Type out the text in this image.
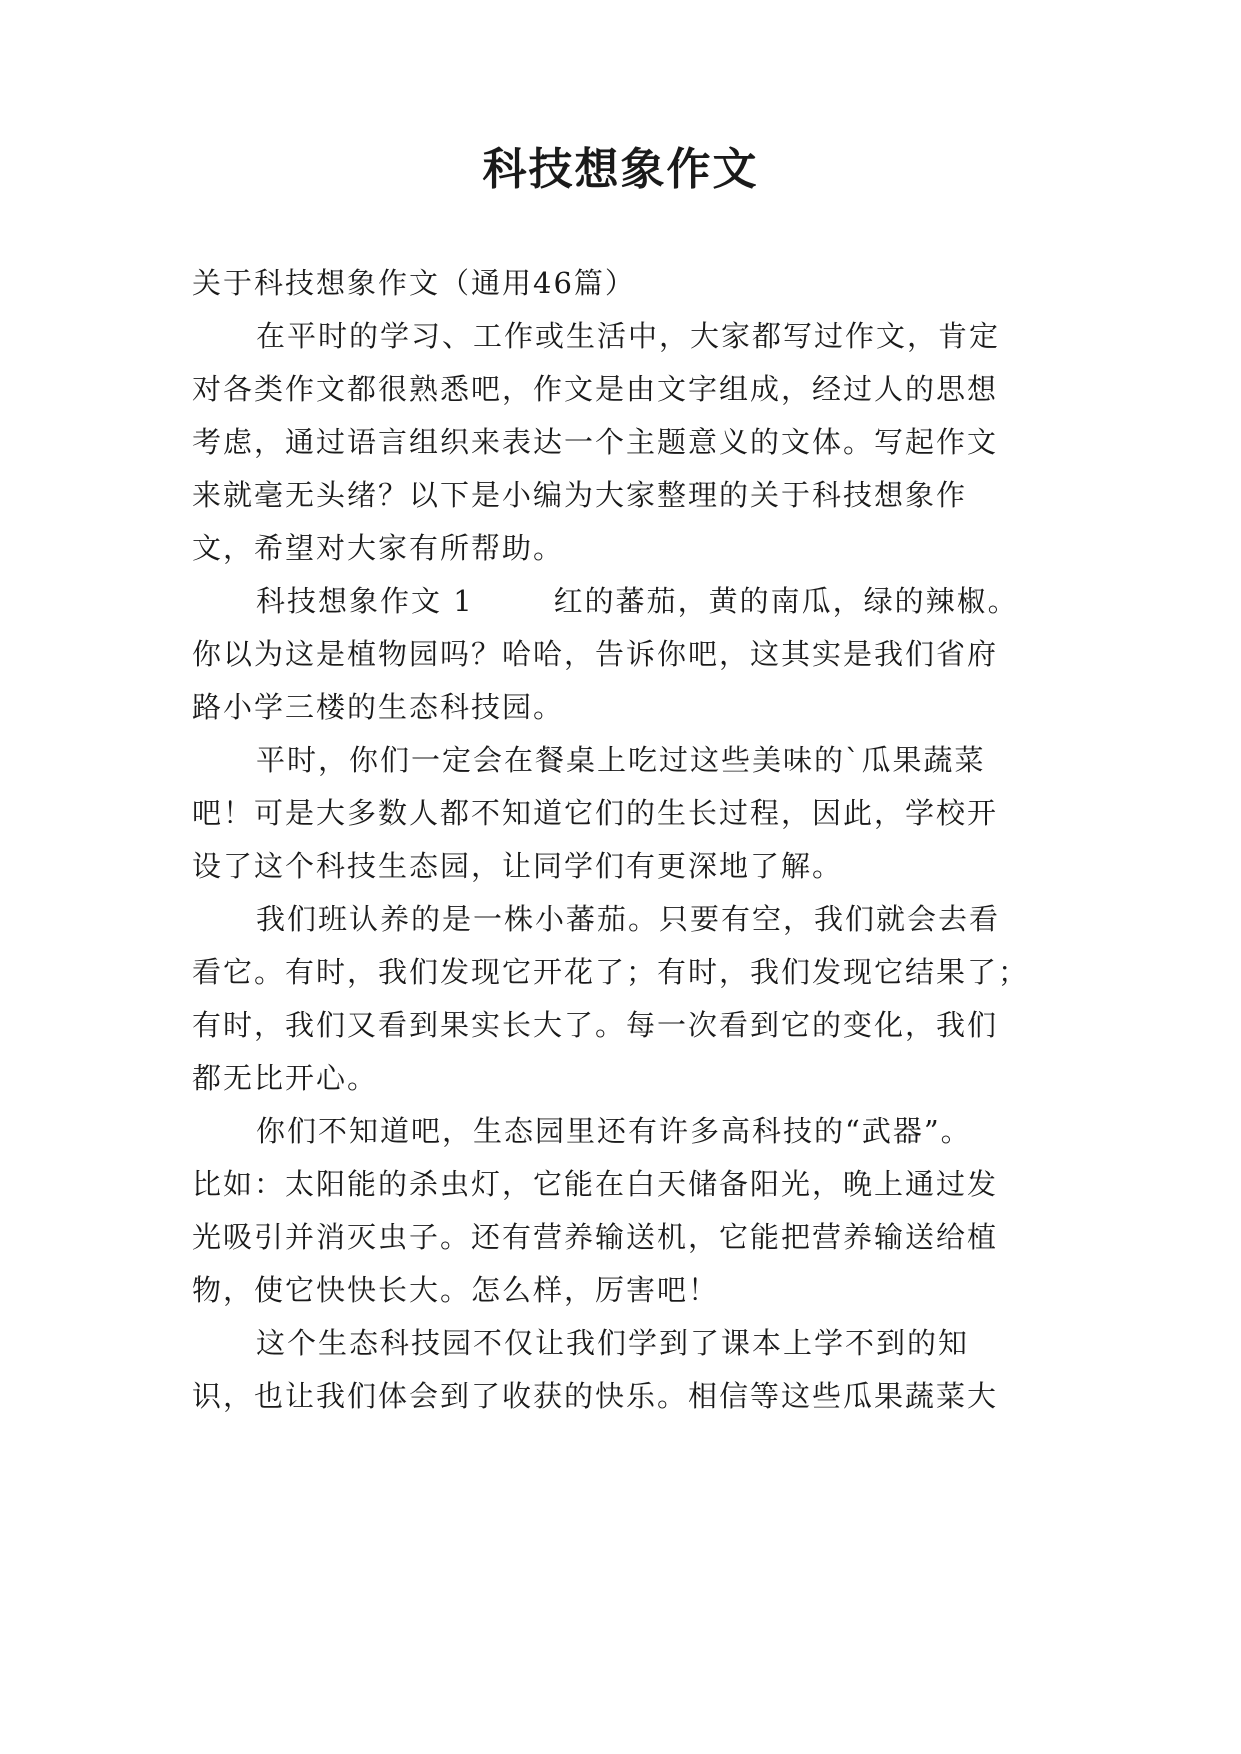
科技想象作文
关于科技想象作文（通用46篇）
在平时的学习、工作或生活中，大家都写过作文，肯定
对各类作文都很熟悉吧，作文是由文字组成，经过人的思想
考虑，通过语言组织来表达一个主题意义的文体。写起作文
来就毫无头绪？以下是小编为大家整理的关于科技想象作
文，希望对大家有所帮助。
科技想象作文 1	红的蕃茄，黄的南瓜，绿的辣椒。
你以为这是植物园吗？哈哈，告诉你吧，这其实是我们省府
路小学三楼的生态科技园。
平时，你们一定会在餐桌上吃过这些美味的`瓜果蔬菜
吧！可是大多数人都不知道它们的生长过程，因此，学校开
设了这个科技生态园，让同学们有更深地了解。
我们班认养的是一株小蕃茄。只要有空，我们就会去看
看它。有时，我们发现它开花了；有时，我们发现它结果了；
有时，我们又看到果实长大了。每一次看到它的变化，我们
都无比开心。
你们不知道吧，生态园里还有许多高科技的“武器”。
比如：太阳能的杀虫灯，它能在白天储备阳光，晚上通过发
光吸引并消灭虫子。还有营养输送机，它能把营养输送给植
物，使它快快长大。怎么样，厉害吧！
这个生态科技园不仅让我们学到了课本上学不到的知
识，也让我们体会到了收获的快乐。相信等这些瓜果蔬菜大
